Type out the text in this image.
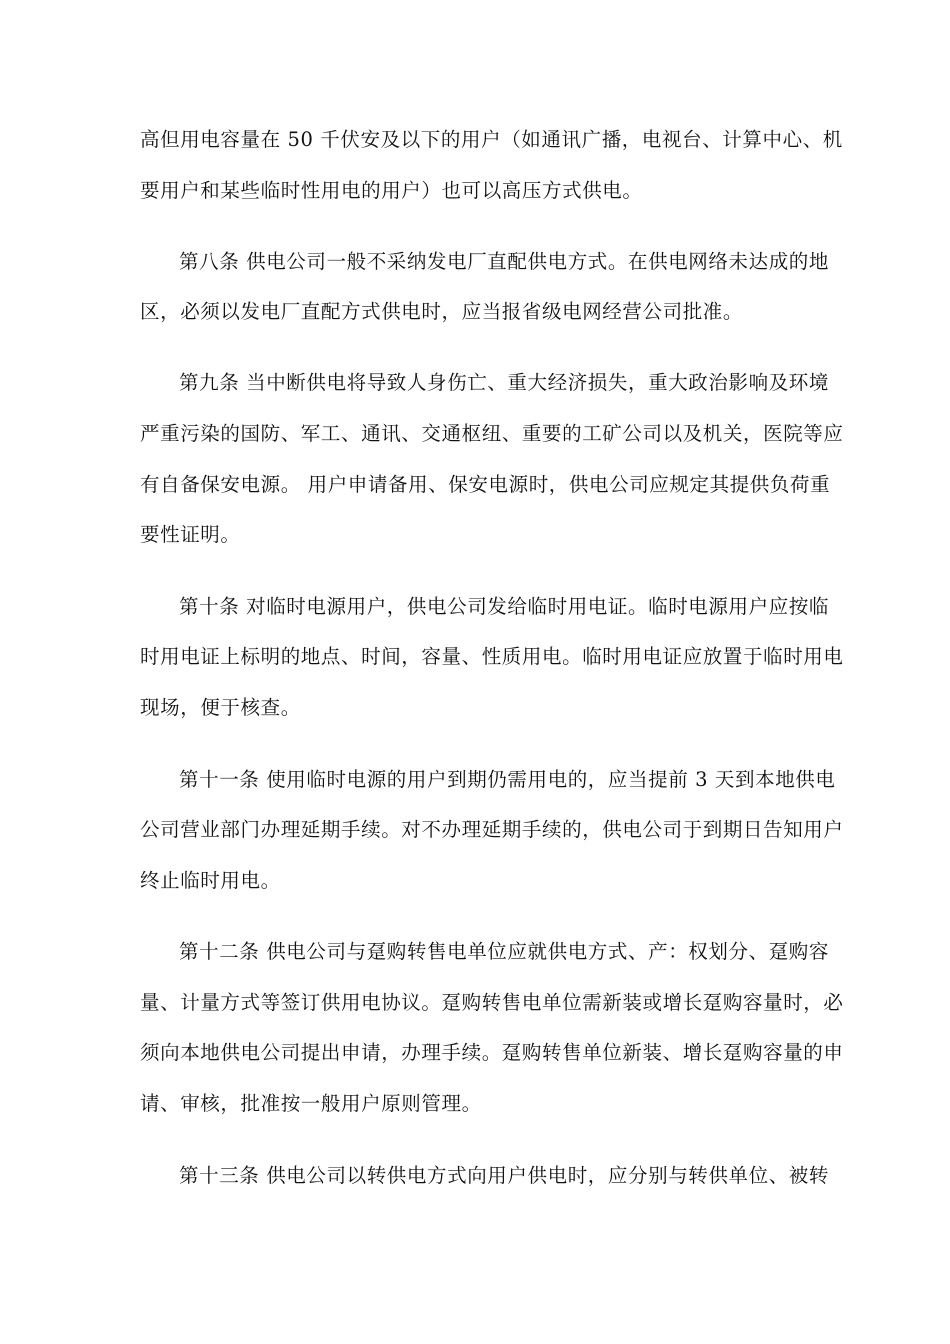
高但用电容量在 50 千伏安及以下的用户（如通讯广播，电视台、计算中心、机
要用户和某些临时性用电的用户）也可以高压方式供电。
第八条 供电公司一般不采纳发电厂直配供电方式。在供电网络未达成的地
区，必须以发电厂直配方式供电时，应当报省级电网经营公司批准。
第九条 当中断供电将导致人身伤亡、重大经济损失，重大政治影响及环境
严重污染的国防、军工、通讯、交通枢纽、重要的工矿公司以及机关，医院等应
有自备保安电源。 用户申请备用、保安电源时，供电公司应规定其提供负荷重
要性证明。
第十条 对临时电源用户，供电公司发给临时用电证。临时电源用户应按临
时用电证上标明的地点、时间，容量、性质用电。临时用电证应放置于临时用电
现场，便于核查。
第十一条 使用临时电源的用户到期仍需用电的，应当提前 3 天到本地供电
公司营业部门办理延期手续。对不办理延期手续的，供电公司于到期日告知用户
终止临时用电。
第十二条 供电公司与趸购转售电单位应就供电方式、产：权划分、趸购容
量、计量方式等签订供用电协议。趸购转售电单位需新装或增长趸购容量时，必
须向本地供电公司提出申请，办理手续。趸购转售单位新装、增长趸购容量的申
请、审核，批准按一般用户原则管理。
第十三条 供电公司以转供电方式向用户供电时，应分别与转供单位、被转
